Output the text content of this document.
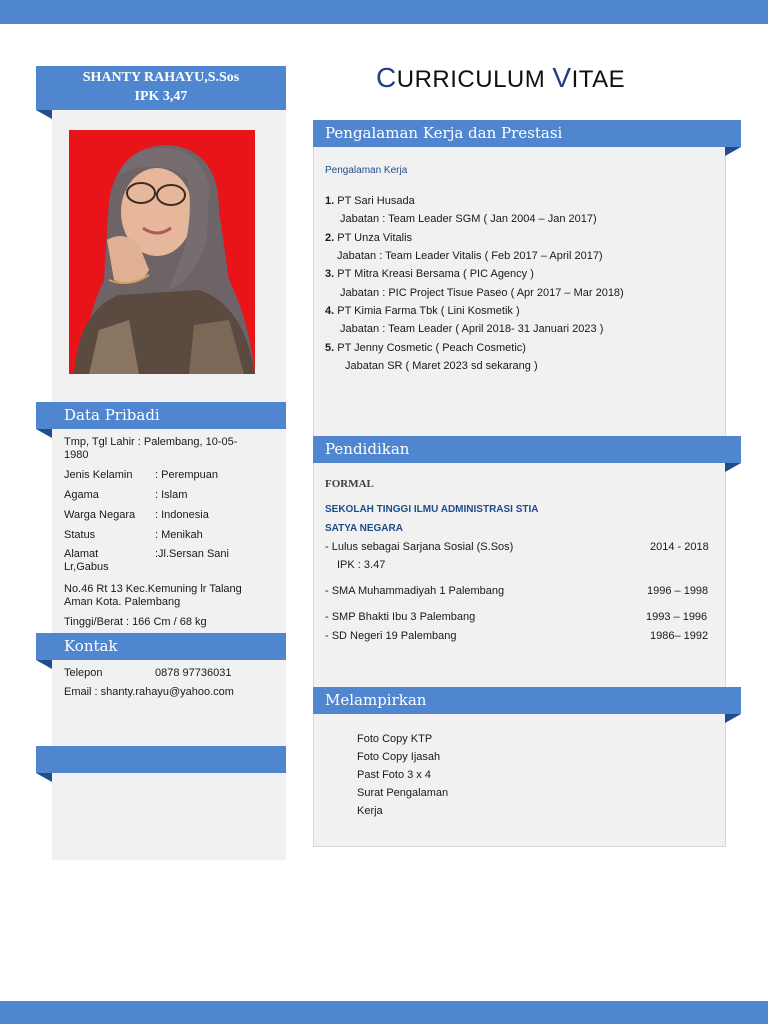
SHANTY RAHAYU,S.Sos
IPK 3,47
Data Pribadi
Tmp, Tgl Lahir : Palembang, 10-05-1980
Jenis Kelamin : Perempuan
Agama	: Islam
Warga Negara : Indonesia
Status	: Menikah
Alamat	:Jl.Sersan Sani
Lr,Gabus
No.46 Rt 13 Kec.Kemuning lr Talang Aman Kota. Palembang
Tinggi/Berat : 166 Cm / 68 kg
Kontak
Telepon	0878 97736031
Email : shanty.rahayu@yahoo.com
CURRICULUM VITAE
Pengalaman Kerja dan Prestasi
Pengalaman Kerja
1. PT Sari Husada
Jabatan : Team Leader SGM ( Jan 2004 – Jan 2017)
2. PT Unza Vitalis
Jabatan : Team Leader Vitalis ( Feb 2017 – April 2017)
3. PT Mitra Kreasi Bersama ( PIC Agency )
Jabatan : PIC Project Tisue Paseo ( Apr 2017 – Mar 2018)
4. PT Kimia Farma Tbk ( Lini Kosmetik )
Jabatan : Team Leader ( April 2018- 31 Januari 2023 )
5. PT Jenny Cosmetic ( Peach Cosmetic)
Jabatan SR ( Maret 2023 sd sekarang )
Pendidikan
FORMAL
SEKOLAH TINGGI ILMU ADMINISTRASI STIA
SATYA NEGARA
- Lulus sebagai Sarjana Sosial (S.Sos)	2014 - 2018
IPK : 3.47
- SMA Muhammadiyah 1 Palembang	1996 – 1998
- SMP Bhakti Ibu 3 Palembang	1993 – 1996
- SD Negeri 19 Palembang	1986– 1992
Melampirkan
Foto Copy KTP
Foto Copy Ijasah
Past Foto 3 x 4
Surat Pengalaman
Kerja
